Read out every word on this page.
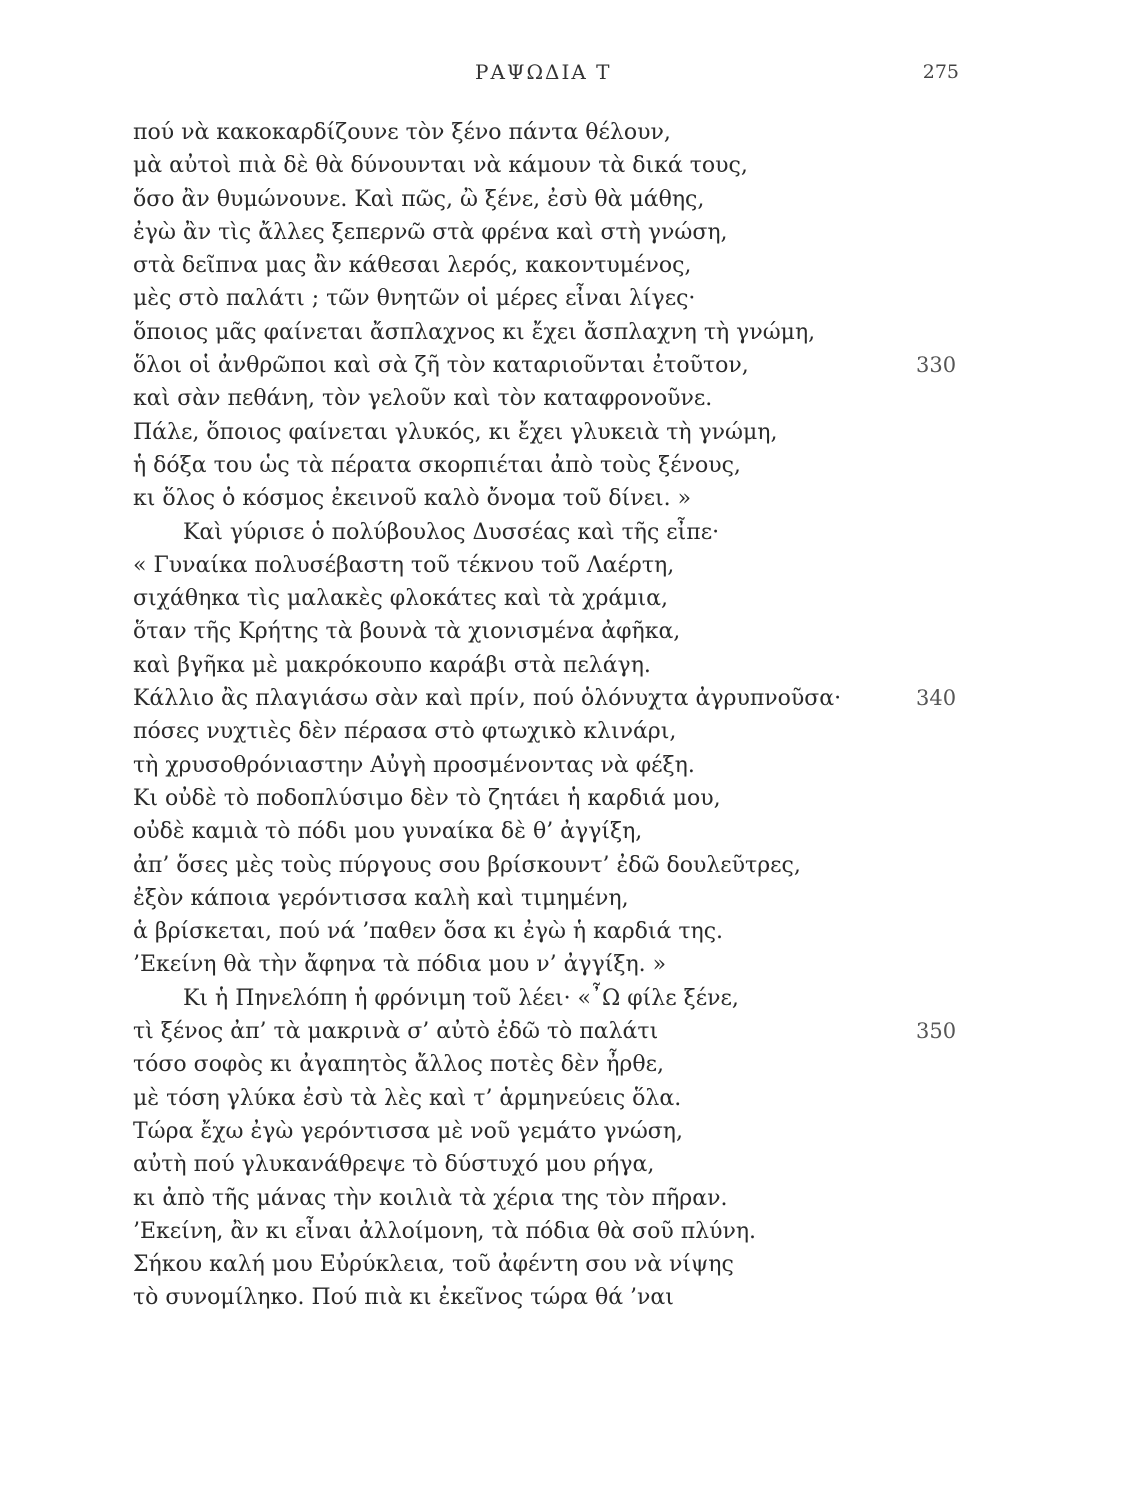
ΡΑΨΩΔΙΑ Τ	275
πού νὰ κακοκαρδίζουνε τὸν ξένο πάντα θέλουν,
μὰ αὐτοὶ πιὰ δὲ θὰ δύνουνται νὰ κάμουν τὰ δικά τους,
ὅσο ἂν θυμώνουνε. Καὶ πῶς, ὢ ξένε, ἐσὺ θὰ μάθης,
ἐγὼ ἂν τὶς ἄλλες ξεπερνῶ στὰ φρένα καὶ στὴ γνώση,
στὰ δεῖπνα μας ἂν κάθεσαι λερός, κακοντυμένος,
μὲς στὸ παλάτι ; τῶν θνητῶν οἱ μέρες εἶναι λίγες·
ὅποιος μᾶς φαίνεται ἄσπλαχνος κι ἔχει ἄσπλαχνη τὴ γνώμη,
ὅλοι οἱ ἀνθρῶποι καὶ σὰ ζῆ τὸν καταριοῦνται ἐτοῦτον,	330
καὶ σὰν πεθάνη, τὸν γελοῦν καὶ τὸν καταφρονοῦνε.
Πάλε, ὅποιος φαίνεται γλυκός, κι ἔχει γλυκειὰ τὴ γνώμη,
ἡ δόξα του ὡς τὰ πέρατα σκορπιέται ἀπὸ τοὺς ξένους,
κι ὅλος ὁ κόσμος ἐκεινοῦ καλὸ ὄνομα τοῦ δίνει. »
Καὶ γύρισε ὁ πολύβουλος Δυσσέας καὶ τῆς εἶπε·
« Γυναίκα πολυσέβαστη τοῦ τέκνου τοῦ Λαέρτη,
σιχάθηκα τὶς μαλακὲς φλοκάτες καὶ τὰ χράμια,
ὅταν τῆς Κρήτης τὰ βουνὰ τὰ χιονισμένα ἀφῆκα,
καὶ βγῆκα μὲ μακρόκουπο καράβι στὰ πελάγη.
Κάλλιο ἂς πλαγιάσω σὰν καὶ πρίν, πού ὁλόνυχτα ἀγρυπνοῦσα·	340
πόσες νυχτιὲς δὲν πέρασα στὸ φτωχικὸ κλινάρι,
τὴ χρυσοθρόνιαστην Αὐγὴ προσμένοντας νὰ φέξη.
Κι οὐδὲ τὸ ποδοπλύσιμο δὲν τὸ ζητάει ἡ καρδιά μου,
οὐδὲ καμιὰ τὸ πόδι μου γυναίκα δὲ θ’ ἀγγίξη,
ἀπ’ ὅσες μὲς τοὺς πύργους σου βρίσκουντ’ ἐδῶ δουλεῦτρες,
ἐξὸν κάποια γερόντισσα καλὴ καὶ τιμημένη,
ἁ βρίσκεται, πού νά ’παθεν ὅσα κι ἐγὼ ἡ καρδιά της.
’Εκείνη θὰ τὴν ἄφηνα τὰ πόδια μου ν’ ἀγγίξη. »
Κι ἡ Πηνελόπη ἡ φρόνιμη τοῦ λέει· «῏Ω φίλε ξένε,
τὶ ξένος ἀπ’ τὰ μακρινὰ σ’ αὐτὸ ἐδῶ τὸ παλάτι	350
τόσο σοφὸς κι ἀγαπητὸς ἄλλος ποτὲς δὲν ἦρθε,
μὲ τόση γλύκα ἐσὺ τὰ λὲς καὶ τ’ ἁρμηνεύεις ὅλα.
Τώρα ἔχω ἐγὼ γερόντισσα μὲ νοῦ γεμάτο γνώση,
αὐτὴ πού γλυκανάθρεψε τὸ δύστυχό μου ρήγα,
κι ἀπὸ τῆς μάνας τὴν κοιλιὰ τὰ χέρια της τὸν πῆραν.
’Εκείνη, ἂν κι εἶναι ἀλλοίμονη, τὰ πόδια θὰ σοῦ πλύνη.
Σήκου καλή μου Εὐρύκλεια, τοῦ ἀφέντη σου νὰ νίψης
τὸ συνομίληκο. Πού πιὰ κι ἐκεῖνος τώρα θά ’ναι
